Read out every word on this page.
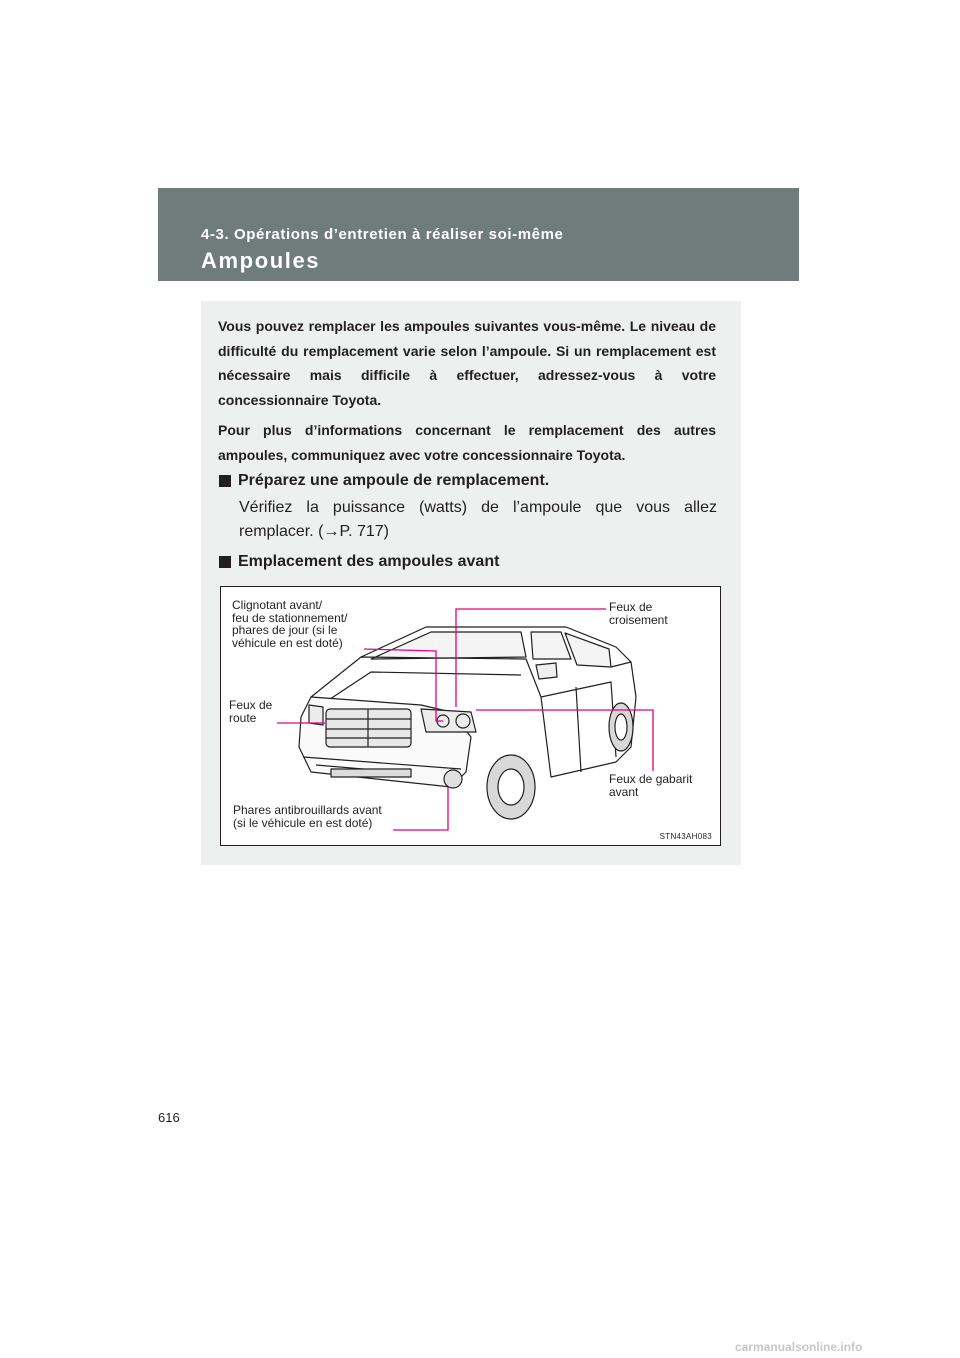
4-3. Opérations d’entretien à réaliser soi-même
Ampoules

Vous pouvez remplacer les ampoules suivantes vous-même. Le niveau de difficulté du remplacement varie selon l’ampoule. Si un remplacement est nécessaire mais difficile à effectuer, adressez-vous à votre concessionnaire Toyota.

Pour plus d’informations concernant le remplacement des autres ampoules, communiquez avec votre concessionnaire Toyota.

Préparez une ampoule de remplacement.

Vérifiez la puissance (watts) de l’ampoule que vous allez remplacer. (→P. 717)

Emplacement des ampoules avant

Clignotant avant/
feu de stationnement/
phares de jour (si le
véhicule en est doté)

Feux de
croisement

Feux de
route

Feux de gabarit
avant

Phares antibrouillards avant
(si le véhicule en est doté)

STN43AH083
616
carmanualsonline.info
